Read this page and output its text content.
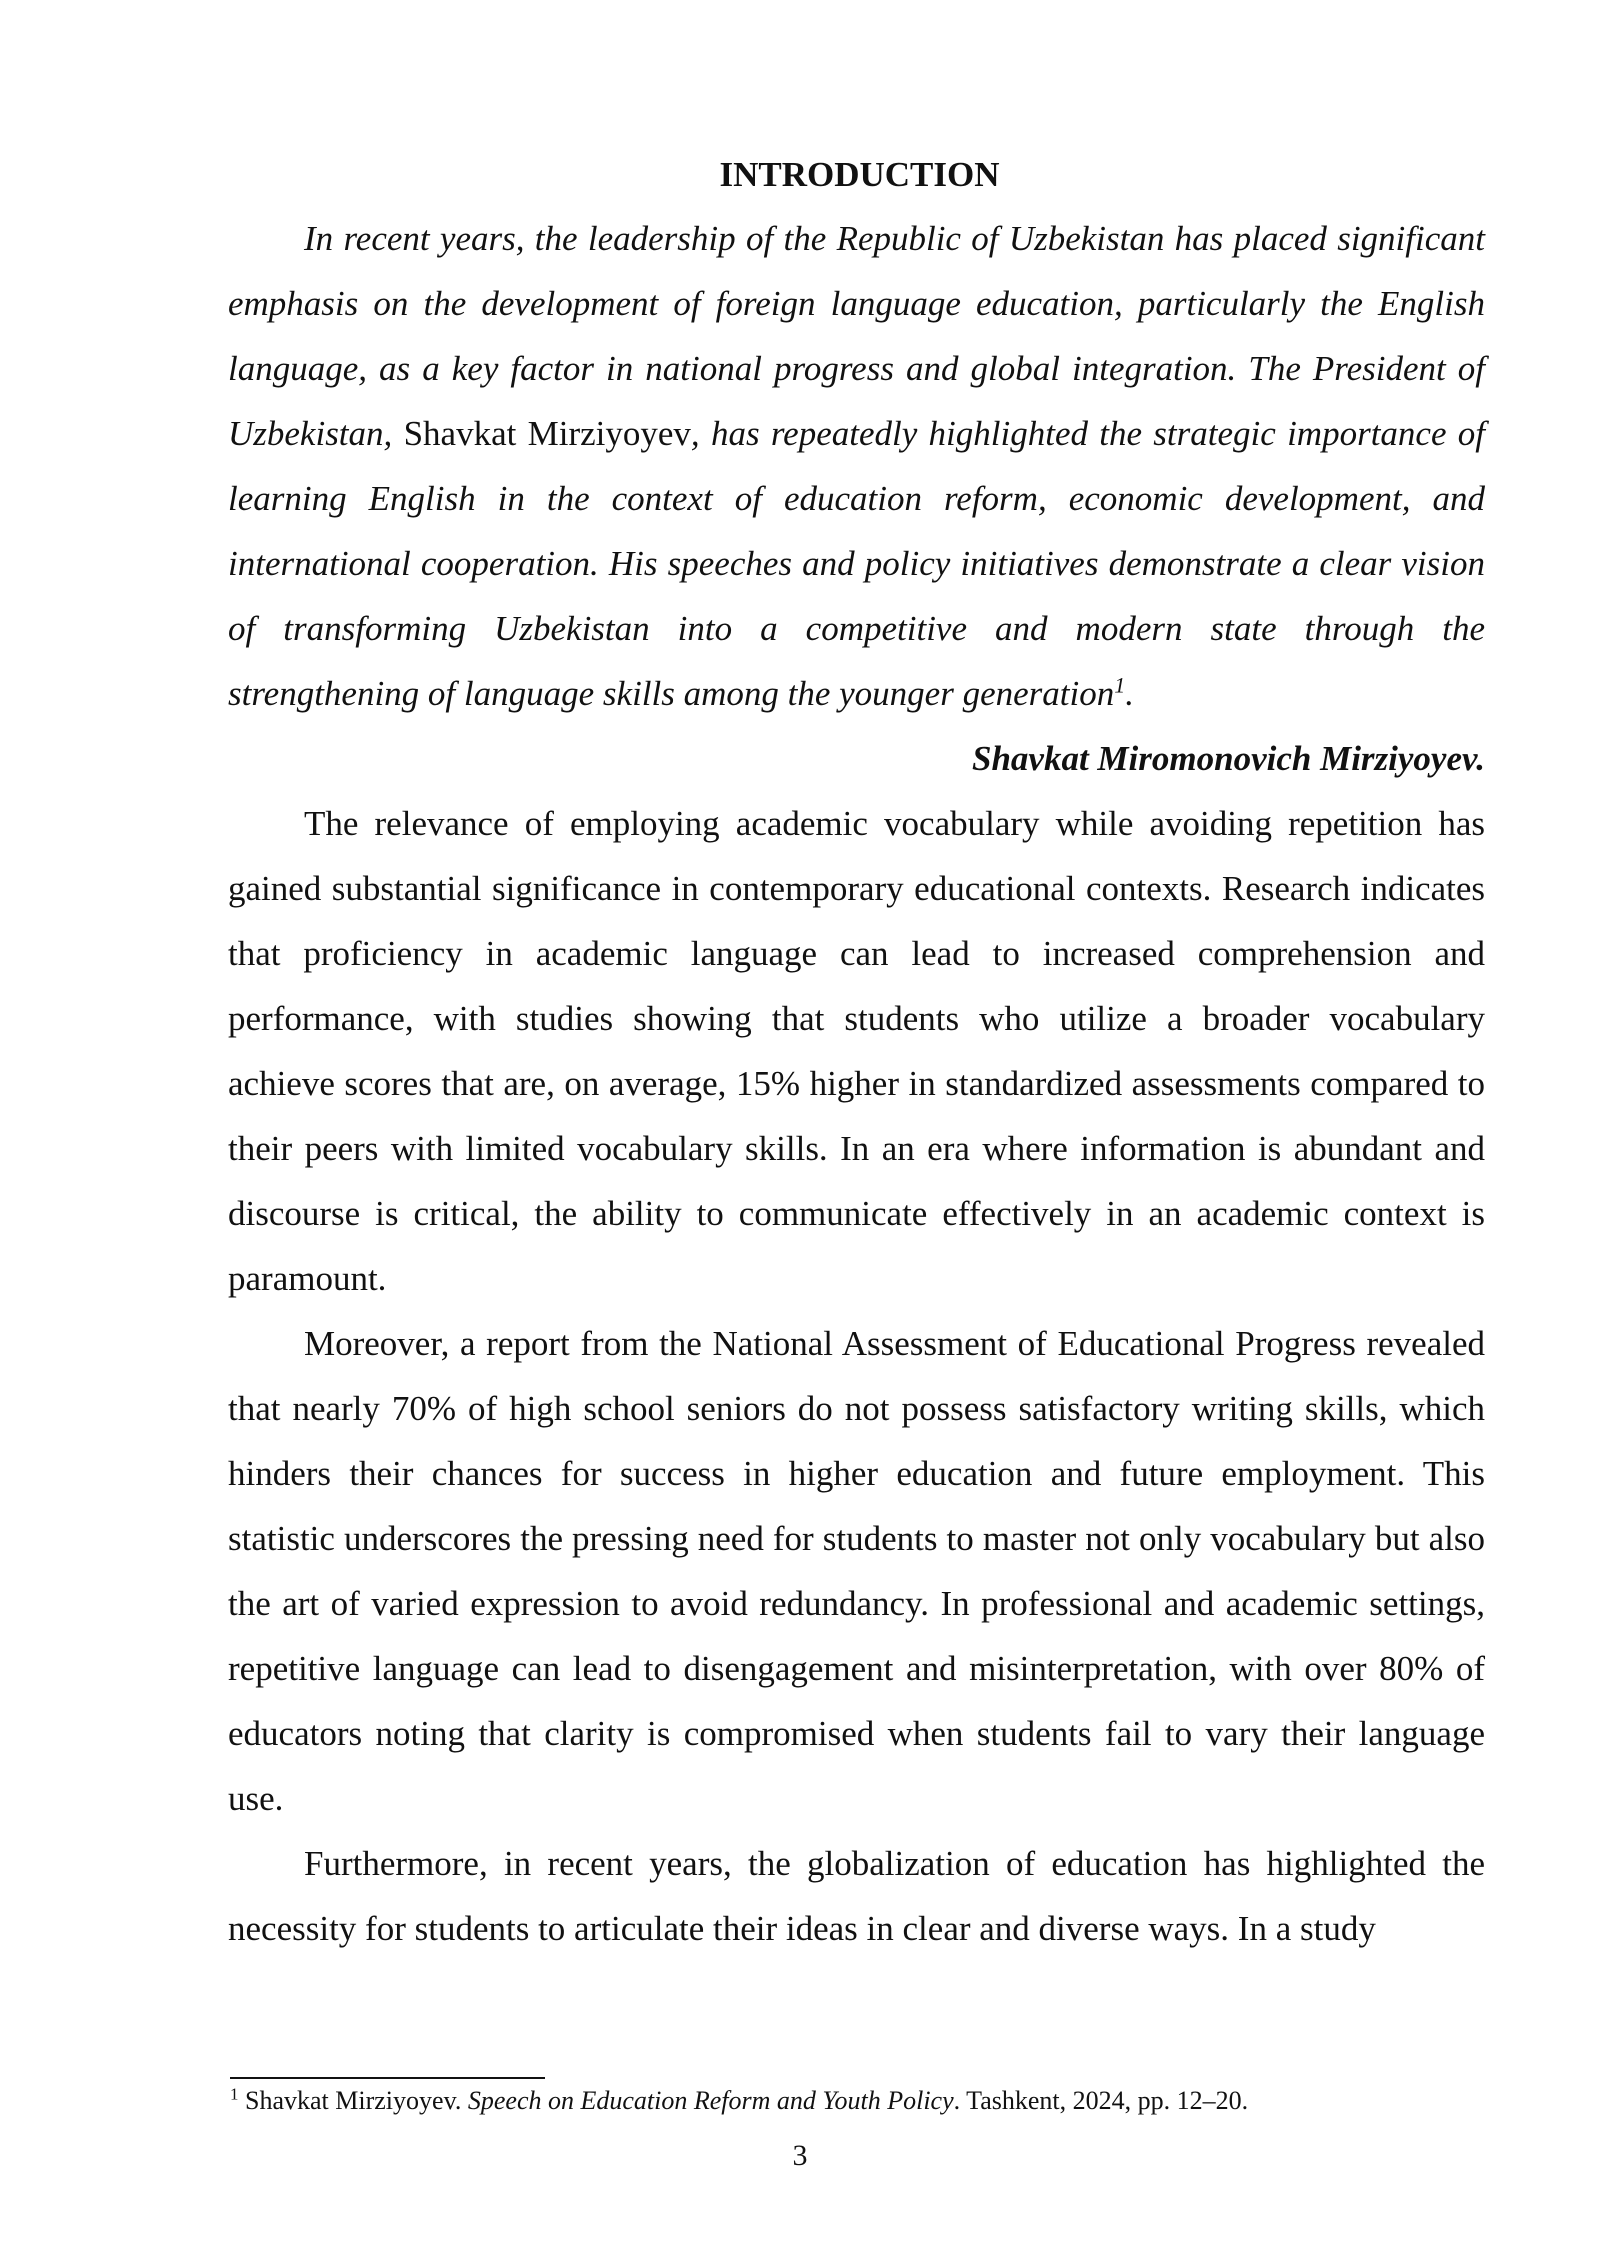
INTRODUCTION

In recent years, the leadership of the Republic of Uzbekistan has placed significant emphasis on the development of foreign language education, particularly the English language, as a key factor in national progress and global integration. The President of Uzbekistan, Shavkat Mirziyoyev, has repeatedly highlighted the strategic importance of learning English in the context of education reform, economic development, and international cooperation. His speeches and policy initiatives demonstrate a clear vision of transforming Uzbekistan into a competitive and modern state through the strengthening of language skills among the younger generation$^1$.

Shavkat Miromonovich Mirziyoyev.

The relevance of employing academic vocabulary while avoiding repetition has gained substantial significance in contemporary educational contexts. Research indicates that proficiency in academic language can lead to increased comprehension and performance, with studies showing that students who utilize a broader vocabulary achieve scores that are, on average, 15% higher in standardized assessments compared to their peers with limited vocabulary skills. In an era where information is abundant and discourse is critical, the ability to communicate effectively in an academic context is paramount.

Moreover, a report from the National Assessment of Educational Progress revealed that nearly 70% of high school seniors do not possess satisfactory writing skills, which hinders their chances for success in higher education and future employment. This statistic underscores the pressing need for students to master not only vocabulary but also the art of varied expression to avoid redundancy. In professional and academic settings, repetitive language can lead to disengagement and misinterpretation, with over 80% of educators noting that clarity is compromised when students fail to vary their language use.

Furthermore, in recent years, the globalization of education has highlighted the necessity for students to articulate their ideas in clear and diverse ways. In a study

$^1$ Shavkat Mirziyoyev. Speech on Education Reform and Youth Policy. Tashkent, 2024, pp. 12–20.
3
